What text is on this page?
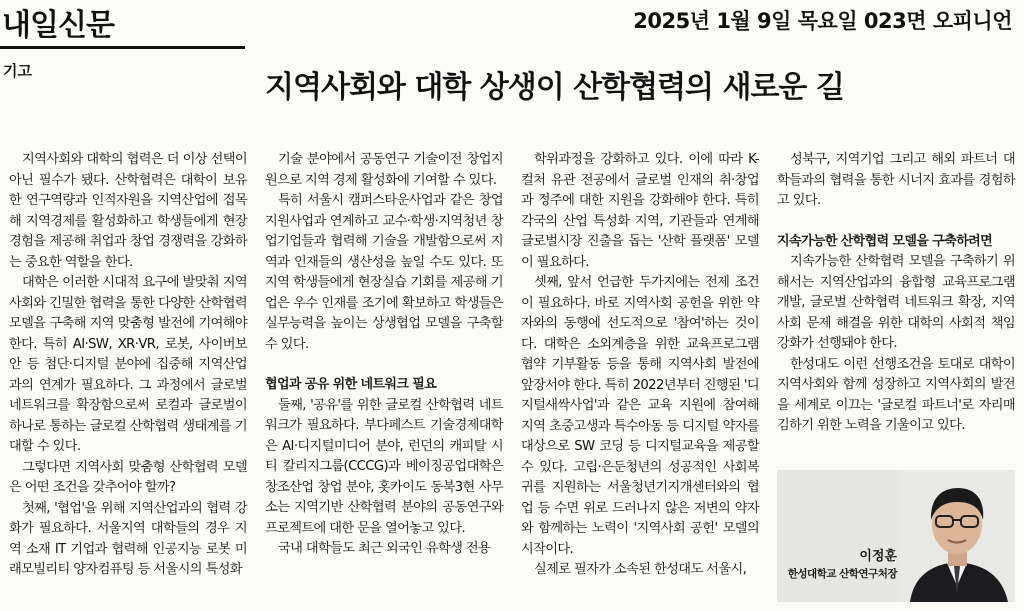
내일신문	2025년 1월 9일 목요일 023면 오피니언
기고	지역사회와 대학 상생이 산학협력의 새로운 길

지역사회와 대학의 협력은 더 이상 선택이 아닌 필수가 됐다. 산학협력은 대학이 보유한 연구역량과 인적자원을 지역산업에 접목해 지역경제를 활성화하고 학생들에게 현장경험을 제공해 취업과 창업 경쟁력을 강화하는 중요한 역할을 한다.

대학은 이러한 시대적 요구에 발맞춰 지역사회와 긴밀한 협력을 통한 다양한 산학협력 모델을 구축해 지역 맞춤형 발전에 기여해야 한다. 특히 AI·SW, XR·VR, 로봇, 사이버보안 등 첨단·디지털 분야에 집중해 지역산업과의 연계가 필요하다. 그 과정에서 글로벌 네트워크를 확장함으로써 로컬과 글로벌이 하나로 통하는 글로컬 산학협력 생태계를 기대할 수 있다.

그렇다면 지역사회 맞춤형 산학협력 모델은 어떤 조건을 갖추어야 할까?

첫째, '협업'을 위해 지역산업과의 협력 강화가 필요하다. 서울지역 대학들의 경우 지역 소재 IT 기업과 협력해 인공지능 로봇 미래모빌리티 양자컴퓨팅 등 서울시의 특성화

기술 분야에서 공동연구 기술이전 창업지원으로 지역 경제 활성화에 기여할 수 있다.

특히 서울시 캠퍼스타운사업과 같은 창업지원사업과 연계하고 교수·학생·지역청년 창업기업들과 협력해 기술을 개발함으로써 지역과 인재들의 생산성을 높일 수도 있다. 또 지역 학생들에게 현장실습 기회를 제공해 기업은 우수 인재를 조기에 확보하고 학생들은 실무능력을 높이는 상생협업 모델을 구축할 수 있다.

협업과 공유 위한 네트워크 필요

둘째, '공유'를 위한 글로컬 산학협력 네트워크가 필요하다. 부다페스트 기술경제대학은 AI·디지털미디어 분야, 런던의 캐피탈 시티 칼리지그룹(CCCG)과 베이징공업대학은 창조산업 창업 분야, 홋카이도 동북3현 사무소는 지역기반 산학협력 분야의 공동연구와 프로젝트에 대한 문을 열어놓고 있다.

국내 대학들도 최근 외국인 유학생 전용

학위과정을 강화하고 있다. 이에 따라 K-컬처 유관 전공에서 글로벌 인재의 취·창업과 정주에 대한 지원을 강화해야 한다. 특히 각국의 산업 특성화 지역, 기관들과 연계해 글로벌시장 진출을 돕는 '산학 플랫폼' 모델이 필요하다.

셋째, 앞서 언급한 두가지에는 전제 조건이 필요하다. 바로 지역사회 공헌을 위한 약자와의 동행에 선도적으로 '참여'하는 것이다. 대학은 소외계층을 위한 교육프로그램 협약 기부활동 등을 통해 지역사회 발전에 앞장서야 한다. 특히 2022년부터 진행된 '디지털새싹사업'과 같은 교육 지원에 참여해 지역 초중고생과 특수아동 등 디지털 약자를 대상으로 SW 코딩 등 디지털교육을 제공할 수 있다. 고립·은둔청년의 성공적인 사회복귀를 지원하는 서울청년기지개센터와의 협업 등 수면 위로 드러나지 않은 저변의 약자와 함께하는 노력이 '지역사회 공헌' 모델의 시작이다.

실제로 필자가 소속된 한성대도 서울시,

성북구, 지역기업 그리고 해외 파트너 대학들과의 협력을 통한 시너지 효과를 경험하고 있다.

지속가능한 산학협력 모델을 구축하려면

지속가능한 산학협력 모델을 구축하기 위해서는 지역산업과의 융합형 교육프로그램 개발, 글로벌 산학협력 네트워크 확장, 지역사회 문제 해결을 위한 대학의 사회적 책임 강화가 선행돼야 한다.

한성대도 이런 선행조건을 토대로 대학이 지역사회와 함께 성장하고 지역사회의 발전을 세계로 이끄는 '글로컬 파트너'로 자리매김하기 위한 노력을 기울이고 있다.

이정훈
한성대학교 산학연구처장
